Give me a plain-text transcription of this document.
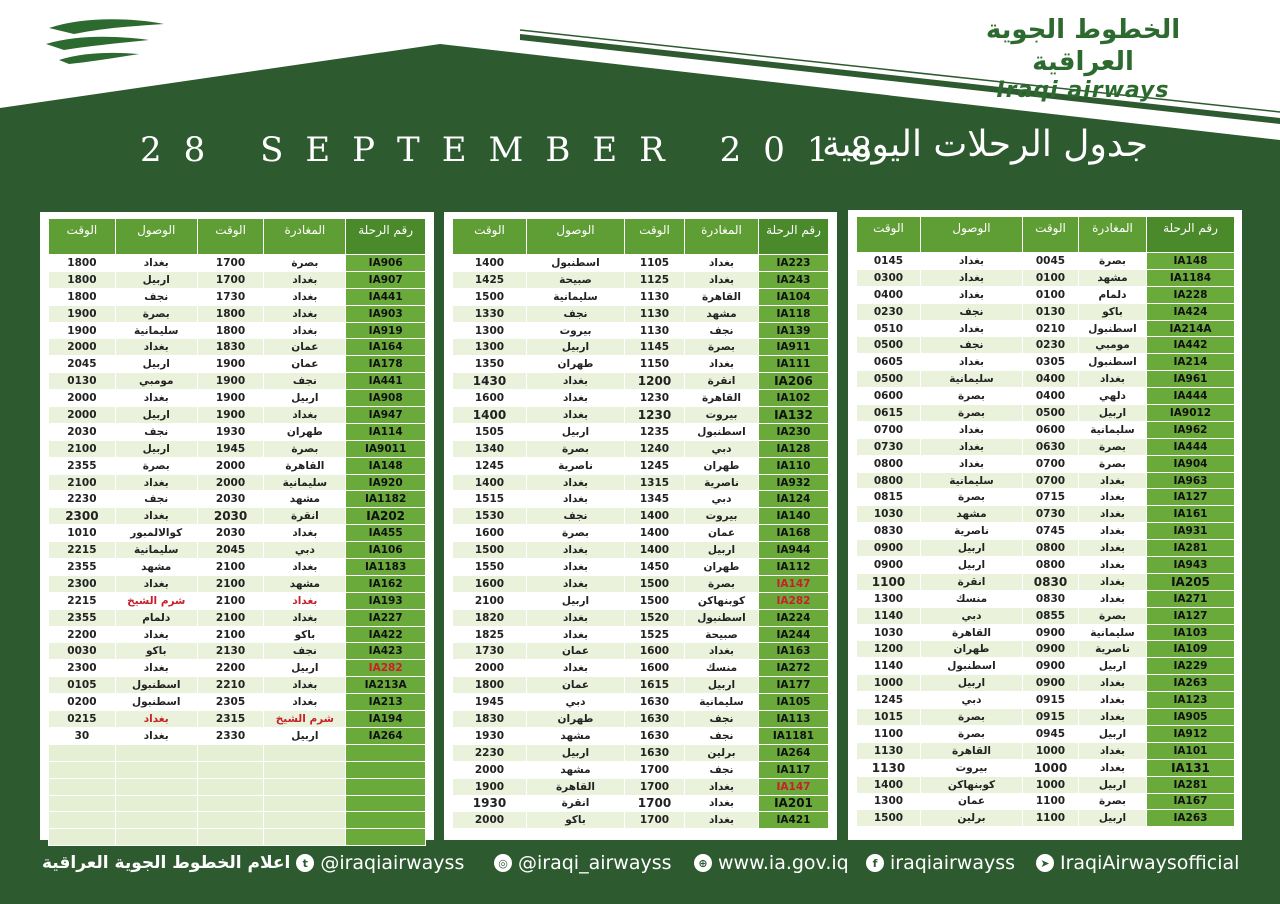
الخطوط الجوية العراقية
Iraqi airways
28 SEPTEMBER 2018
جدول الرحلات اليومية
رقم الرحلة	المغادرة	الوقت	الوصول	الوقت
IA906	بصرة	1700	بغداد	1800
IA907	بغداد	1700	اربيل	1800
IA441	بغداد	1730	نجف	1800
IA903	بغداد	1800	بصرة	1900
IA919	بغداد	1800	سليمانية	1900
IA164	عمان	1830	بغداد	2000
IA178	عمان	1900	اربيل	2045
IA441	نجف	1900	مومبي	0130
IA908	اربيل	1900	بغداد	2000
IA947	بغداد	1900	اربيل	2000
IA114	طهران	1930	نجف	2030
IA9011	بصرة	1945	اربيل	2100
IA148	القاهرة	2000	بصرة	2355
IA920	سليمانية	2000	بغداد	2100
IA1182	مشهد	2030	نجف	2230
IA202	انقرة	2030	بغداد	2300
IA455	بغداد	2030	كوالالمبور	1010
IA106	دبي	2045	سليمانية	2215
IA1183	بغداد	2100	مشهد	2355
IA162	مشهد	2100	بغداد	2300
IA193	بغداد	2100	شرم الشيخ	2215
IA227	بغداد	2100	دلمام	2355
IA422	باكو	2100	بغداد	2200
IA423	نجف	2130	باكو	0030
IA282	اربيل	2200	بغداد	2300
IA213A	بغداد	2210	اسطنبول	0105
IA213	بغداد	2305	اسطنبول	0200
IA194	شرم الشيخ	2315	بغداد	0215
IA264	اربيل	2330	بغداد	30

رقم الرحلة	المغادرة	الوقت	الوصول	الوقت
IA223	بغداد	1105	اسطنبول	1400
IA243	بغداد	1125	صبيحة	1425
IA104	القاهرة	1130	سليمانية	1500
IA118	مشهد	1130	نجف	1330
IA139	نجف	1130	بيروت	1300
IA911	بصرة	1145	اربيل	1300
IA111	بغداد	1150	طهران	1350
IA206	انقرة	1200	بغداد	1430
IA102	القاهرة	1230	بغداد	1600
IA132	بيروت	1230	بغداد	1400
IA230	اسطنبول	1235	اربيل	1505
IA128	دبي	1240	بصرة	1340
IA110	طهران	1245	ناصرية	1245
IA932	ناصرية	1315	بغداد	1400
IA124	دبي	1345	بغداد	1515
IA140	بيروت	1400	نجف	1530
IA168	عمان	1400	بصرة	1600
IA944	اربيل	1400	بغداد	1500
IA112	طهران	1450	بغداد	1550
IA147	بصرة	1500	بغداد	1600
IA282	كوبنهاكن	1500	اربيل	2100
IA224	اسطنبول	1520	بغداد	1820
IA244	صبيحة	1525	بغداد	1825
IA163	بغداد	1600	عمان	1730
IA272	منسك	1600	بغداد	2000
IA177	اربيل	1615	عمان	1800
IA105	سليمانية	1630	دبي	1945
IA113	نجف	1630	طهران	1830
IA1181	نجف	1630	مشهد	1930
IA264	برلين	1630	اربيل	2230
IA117	نجف	1700	مشهد	2000
IA147	بغداد	1700	القاهرة	1900
IA201	بغداد	1700	انقرة	1930
IA421	بغداد	1700	باكو	2000
رقم الرحلة	المغادرة	الوقت	الوصول	الوقت
IA148	بصرة	0045	بغداد	0145
IA1184	مشهد	0100	بغداد	0300
IA228	دلمام	0100	بغداد	0400
IA424	باكو	0130	نجف	0230
IA214A	اسطنبول	0210	بغداد	0510
IA442	مومبي	0230	نجف	0500
IA214	اسطنبول	0305	بغداد	0605
IA961	بغداد	0400	سليمانية	0500
IA444	دلهي	0400	بصرة	0600
IA9012	اربيل	0500	بصرة	0615
IA962	سليمانية	0600	بغداد	0700
IA444	بصرة	0630	بغداد	0730
IA904	بصرة	0700	بغداد	0800
IA963	بغداد	0700	سليمانية	0800
IA127	بغداد	0715	بصرة	0815
IA161	بغداد	0730	مشهد	1030
IA931	بغداد	0745	ناصرية	0830
IA281	بغداد	0800	اربيل	0900
IA943	بغداد	0800	اربيل	0900
IA205	بغداد	0830	انقرة	1100
IA271	بغداد	0830	منسك	1300
IA127	بصرة	0855	دبي	1140
IA103	سليمانية	0900	القاهرة	1030
IA109	ناصرية	0900	طهران	1200
IA229	اربيل	0900	اسطنبول	1140
IA263	بغداد	0900	اربيل	1000
IA123	بغداد	0915	دبي	1245
IA905	بغداد	0915	بصرة	1015
IA912	اربيل	0945	بصرة	1100
IA101	بغداد	1000	القاهرة	1130
IA131	بغداد	1000	بيروت	1130
IA281	اربيل	1000	كوبنهاكن	1400
IA167	بصرة	1100	عمان	1300
IA263	اربيل	1100	برلين	1500
اعلام الخطوط الجوية العراقية	t @iraqiairwayss	◎ @iraqi_airwayss	⊕ www.ia.gov.iq	f iraqiairwayss	➤ IraqiAirwaysofficial
